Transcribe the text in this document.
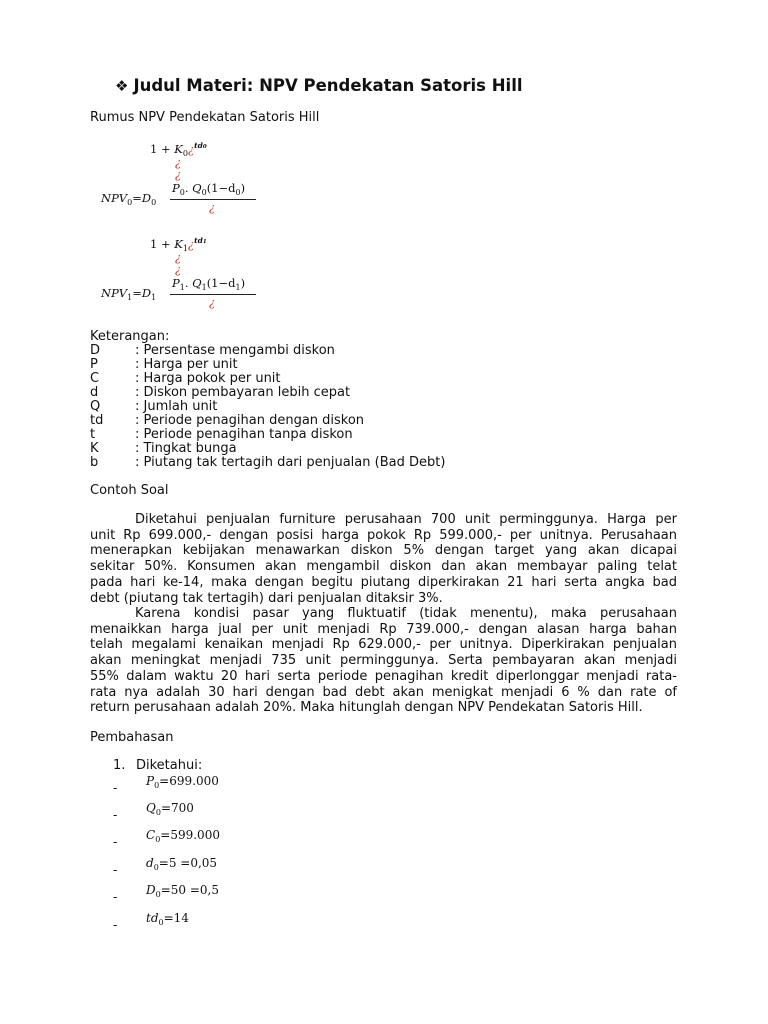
❖ Judul Materi: NPV Pendekatan Satoris Hill
Rumus NPV Pendekatan Satoris Hill
$1 + K_0¿^{td0}$
¿
¿
$NPV_0=D_0$
$P_0$. $Q_0(1-d_0)$
¿
$1 + K_1¿^{td1}$
¿
¿
$NPV_1=D_1$
$P_1$. $Q_1(1-d_1)$
¿
Keterangan:
D	: Persentase mengambi diskon
P	: Harga per unit
C	: Harga pokok per unit
d	: Diskon pembayaran lebih cepat
Q	: Jumlah unit
td : Periode penagihan dengan diskon
t	: Periode penagihan tanpa diskon
K	: Tingkat bunga
b	: Piutang tak tertagih dari penjualan (Bad Debt)
Contoh Soal
Diketahui penjualan furniture perusahaan 700 unit perminggunya. Harga per
unit Rp 699.000,- dengan posisi harga pokok Rp 599.000,- per unitnya. Perusahaan
menerapkan kebijakan menawarkan diskon 5% dengan target yang akan dicapai
sekitar 50%. Konsumen akan mengambil diskon dan akan membayar paling telat
pada hari ke-14, maka dengan begitu piutang diperkirakan 21 hari serta angka bad
debt (piutang tak tertagih) dari penjualan ditaksir 3%.
Karena kondisi pasar yang fluktuatif (tidak menentu), maka perusahaan
menaikkan harga jual per unit menjadi Rp 739.000,- dengan alasan harga bahan
telah megalami kenaikan menjadi Rp 629.000,- per unitnya. Diperkirakan penjualan
akan meningkat menjadi 735 unit perminggunya. Serta pembayaran akan menjadi
55% dalam waktu 20 hari serta periode penagihan kredit diperlonggar menjadi rata-
rata nya adalah 30 hari dengan bad debt akan menigkat menjadi 6 % dan rate of
return perusahaan adalah 20%. Maka hitunglah dengan NPV Pendekatan Satoris Hill.
Pembahasan
1. Diketahui:
- $P_0=699.000$
- $Q_0=700$
- $C_0=599.000$
- $d_0=5 =0,05$
- $D_0=50 =0,5$
- $td_0=14$
